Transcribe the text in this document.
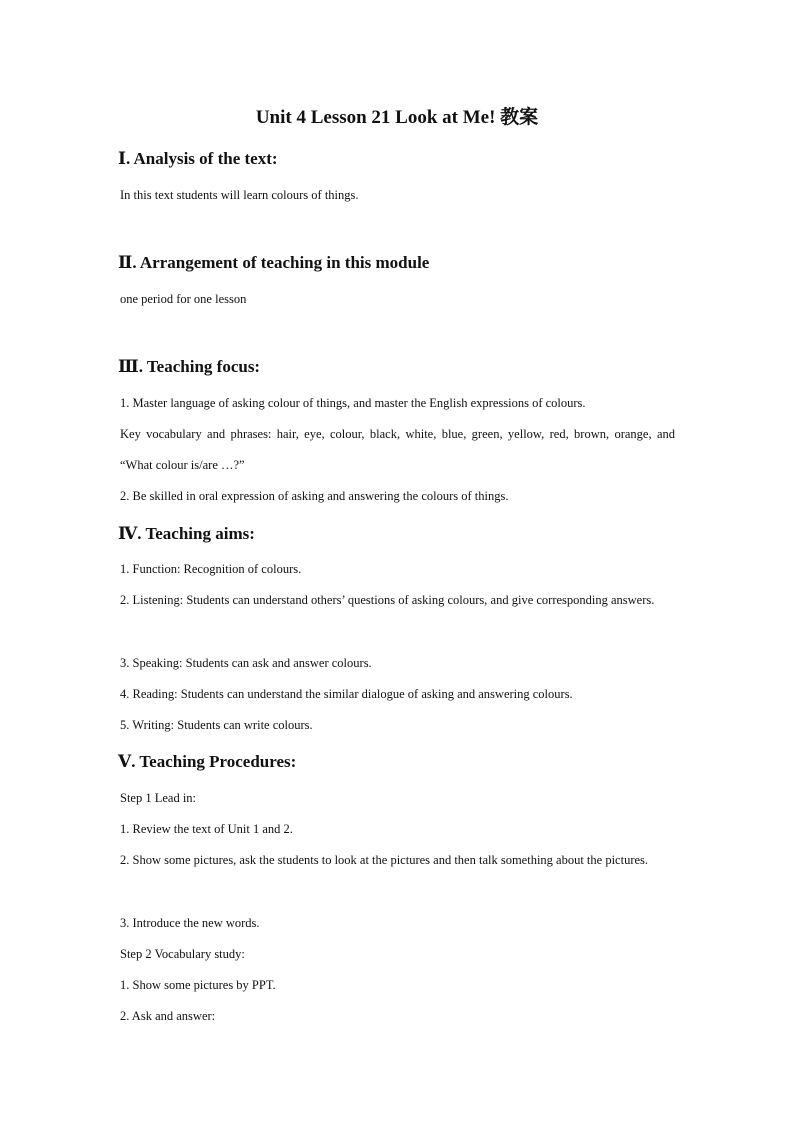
Unit 4 Lesson 21 Look at Me! 教案
Ⅰ. Analysis of the text:
In this text students will learn colours of things.
Ⅱ. Arrangement of teaching in this module
one period for one lesson
Ⅲ. Teaching focus:
1. Master language of asking colour of things, and master the English expressions of colours.
Key vocabulary and phrases: hair, eye, colour, black, white, blue, green, yellow, red, brown, orange, and “What colour is/are …?”
2. Be skilled in oral expression of asking and answering the colours of things.
Ⅳ. Teaching aims:
1. Function: Recognition of colours.
2. Listening: Students can understand others’ questions of asking colours, and give corresponding answers.
3. Speaking: Students can ask and answer colours.
4. Reading: Students can understand the similar dialogue of asking and answering colours.
5. Writing: Students can write colours.
Ⅴ. Teaching Procedures:
Step 1 Lead in:
1. Review the text of Unit 1 and 2.
2. Show some pictures, ask the students to look at the pictures and then talk something about the pictures.
3. Introduce the new words.
Step 2 Vocabulary study:
1. Show some pictures by PPT.
2. Ask and answer:
